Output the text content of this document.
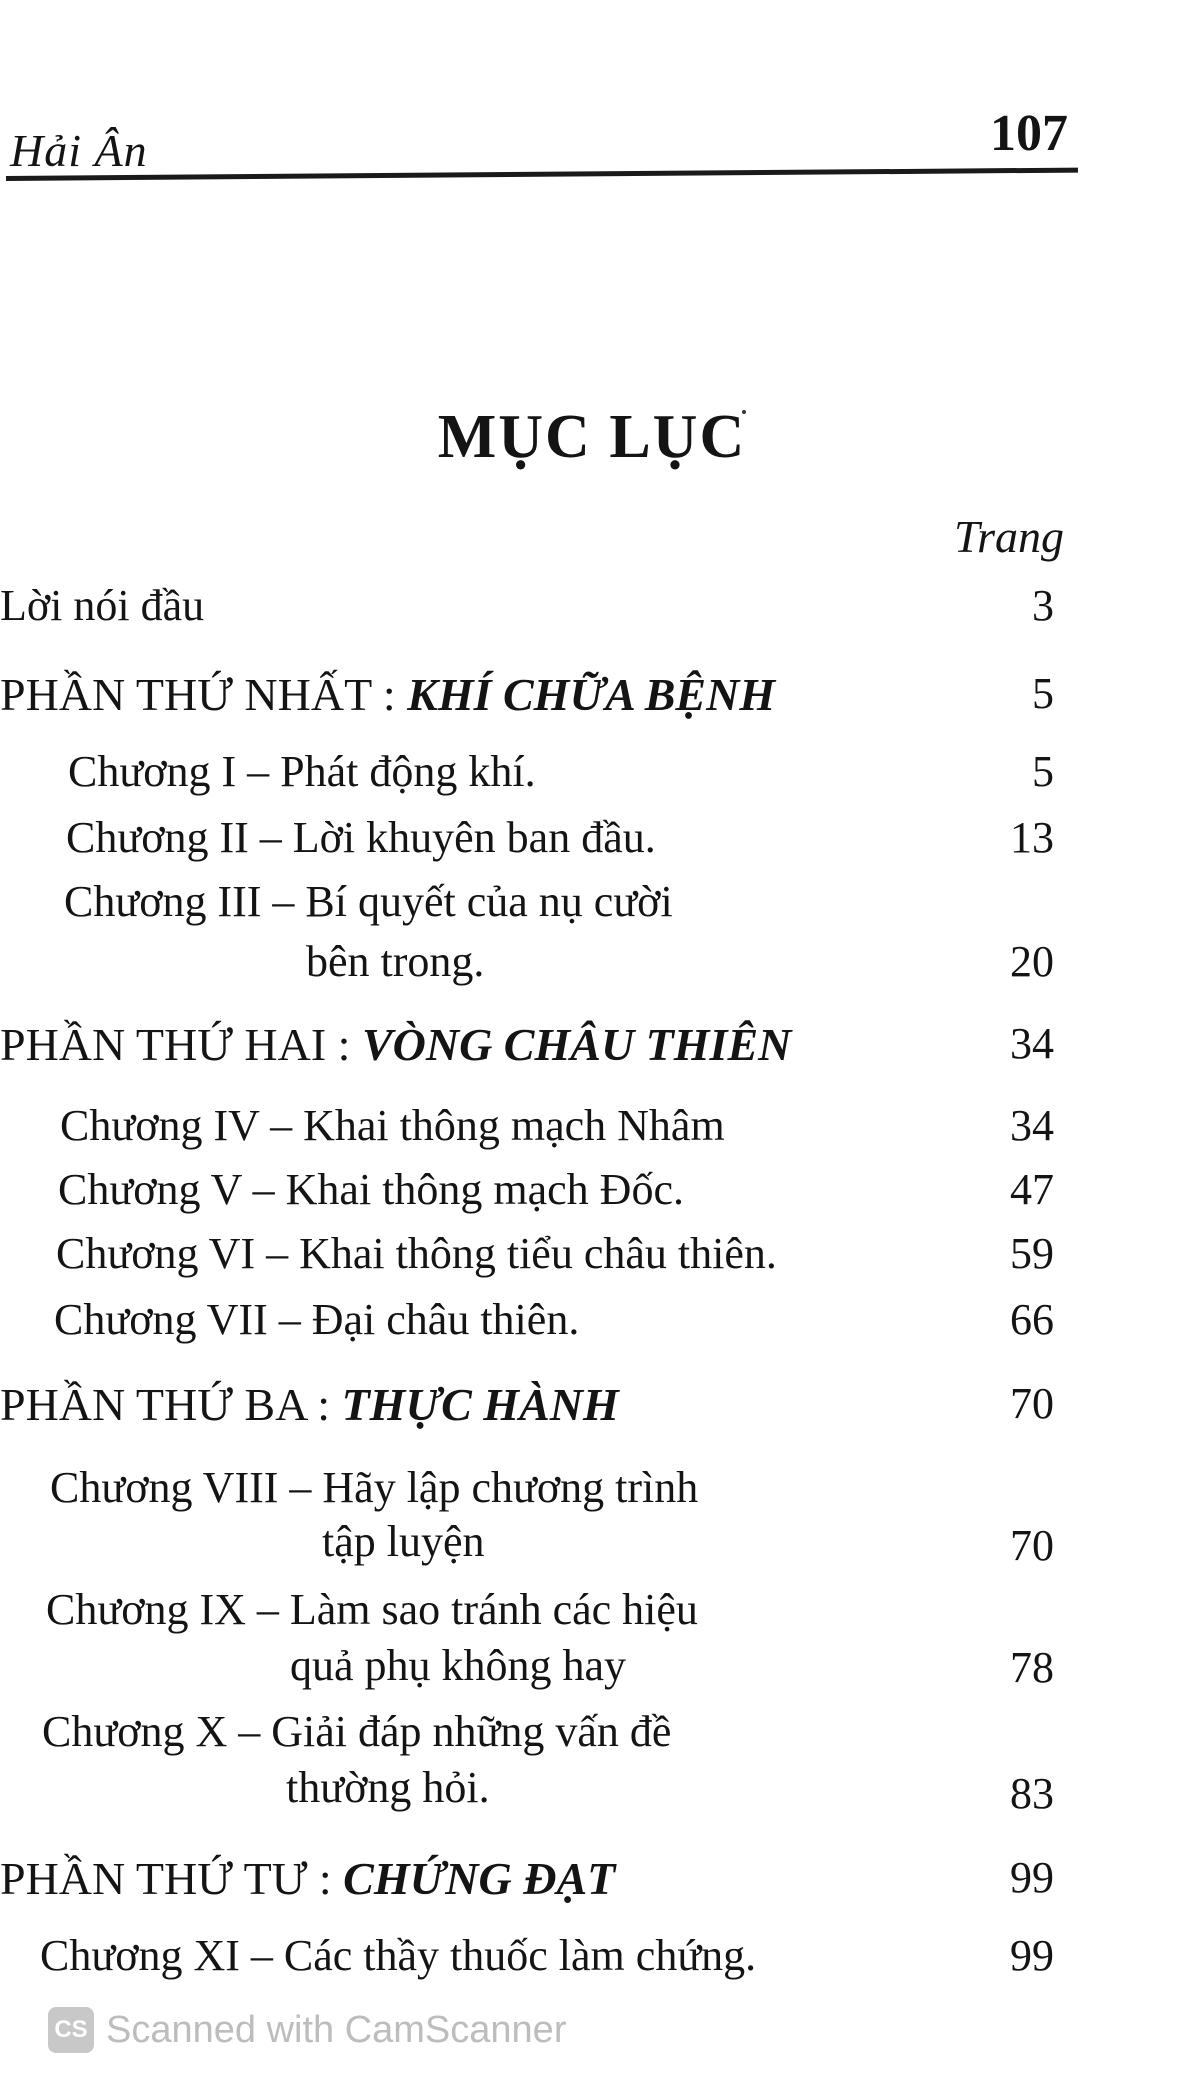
Hải Ân	107
MỤC LỤC
Trang
Lời nói đầu	3
PHẦN THỨ NHẤT : KHÍ CHỮA BỆNH	5
Chương I – Phát động khí.	5
Chương II – Lời khuyên ban đầu.	13
Chương III – Bí quyết của nụ cười
bên trong.	20
PHẦN THỨ HAI : VÒNG CHÂU THIÊN	34
Chương IV – Khai thông mạch Nhâm	34
Chương V – Khai thông mạch Đốc.	47
Chương VI – Khai thông tiểu châu thiên.	59
Chương VII – Đại châu thiên.	66
PHẦN THỨ BA : THỰC HÀNH	70
Chương VIII – Hãy lập chương trình
tập luyện	70
Chương IX – Làm sao tránh các hiệu
quả phụ không hay	78
Chương X – Giải đáp những vấn đề
thường hỏi.	83
PHẦN THỨ TƯ : CHỨNG ĐẠT	99
Chương XI – Các thầy thuốc làm chứng.	99
CS Scanned with CamScanner
